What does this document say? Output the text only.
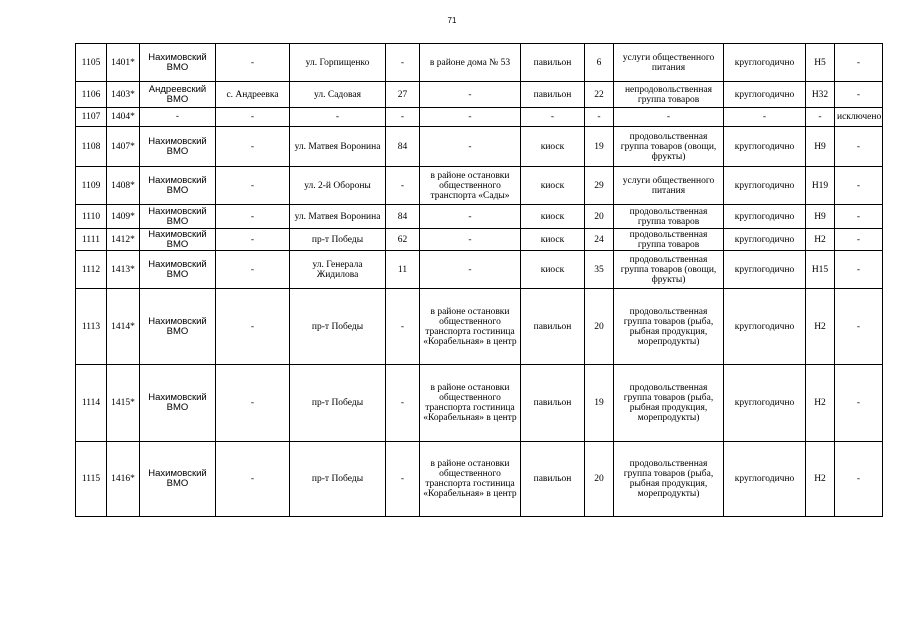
71
1105	1401*	Нахимовский ВМО	-	ул. Горпищенко	-	в районе дома № 53	павильон	6	услуги общественного питания	круглогодично	Н5	-
1106	1403*	Андреевский ВМО	с. Андреевка	ул. Садовая	27	-	павильон	22	непродовольственная группа товаров	круглогодично	Н32	-
1107	1404*	-	-	-	-	-	-	-	-	-	-	исключено
1108	1407*	Нахимовский ВМО	-	ул. Матвея Воронина	84	-	киоск	19	продовольственная группа товаров (овощи, фрукты)	круглогодично	Н9	-
1109	1408*	Нахимовский ВМО	-	ул. 2-й Обороны	-	в районе остановки общественного транспорта «Сады»	киоск	29	услуги общественного питания	круглогодично	Н19	-
1110	1409*	Нахимовский ВМО	-	ул. Матвея Воронина	84	-	киоск	20	продовольственная группа товаров	круглогодично	Н9	-
1111	1412*	Нахимовский ВМО	-	пр-т Победы	62	-	киоск	24	продовольственная группа товаров	круглогодично	Н2	-
1112	1413*	Нахимовский ВМО	-	ул. Генерала Жидилова	11	-	киоск	35	продовольственная группа товаров (овощи, фрукты)	круглогодично	Н15	-
1113	1414*	Нахимовский ВМО	-	пр-т Победы	-	в районе остановки общественного транспорта гостиница «Корабельная» в центр	павильон	20	продовольственная группа товаров (рыба, рыбная продукция, морепродукты)	круглогодично	Н2	-
1114	1415*	Нахимовский ВМО	-	пр-т Победы	-	в районе остановки общественного транспорта гостиница «Корабельная» в центр	павильон	19	продовольственная группа товаров (рыба, рыбная продукция, морепродукты)	круглогодично	Н2	-
1115	1416*	Нахимовский ВМО	-	пр-т Победы	-	в районе остановки общественного транспорта гостиница «Корабельная» в центр	павильон	20	продовольственная группа товаров (рыба, рыбная продукция, морепродукты)	круглогодично	Н2	-
